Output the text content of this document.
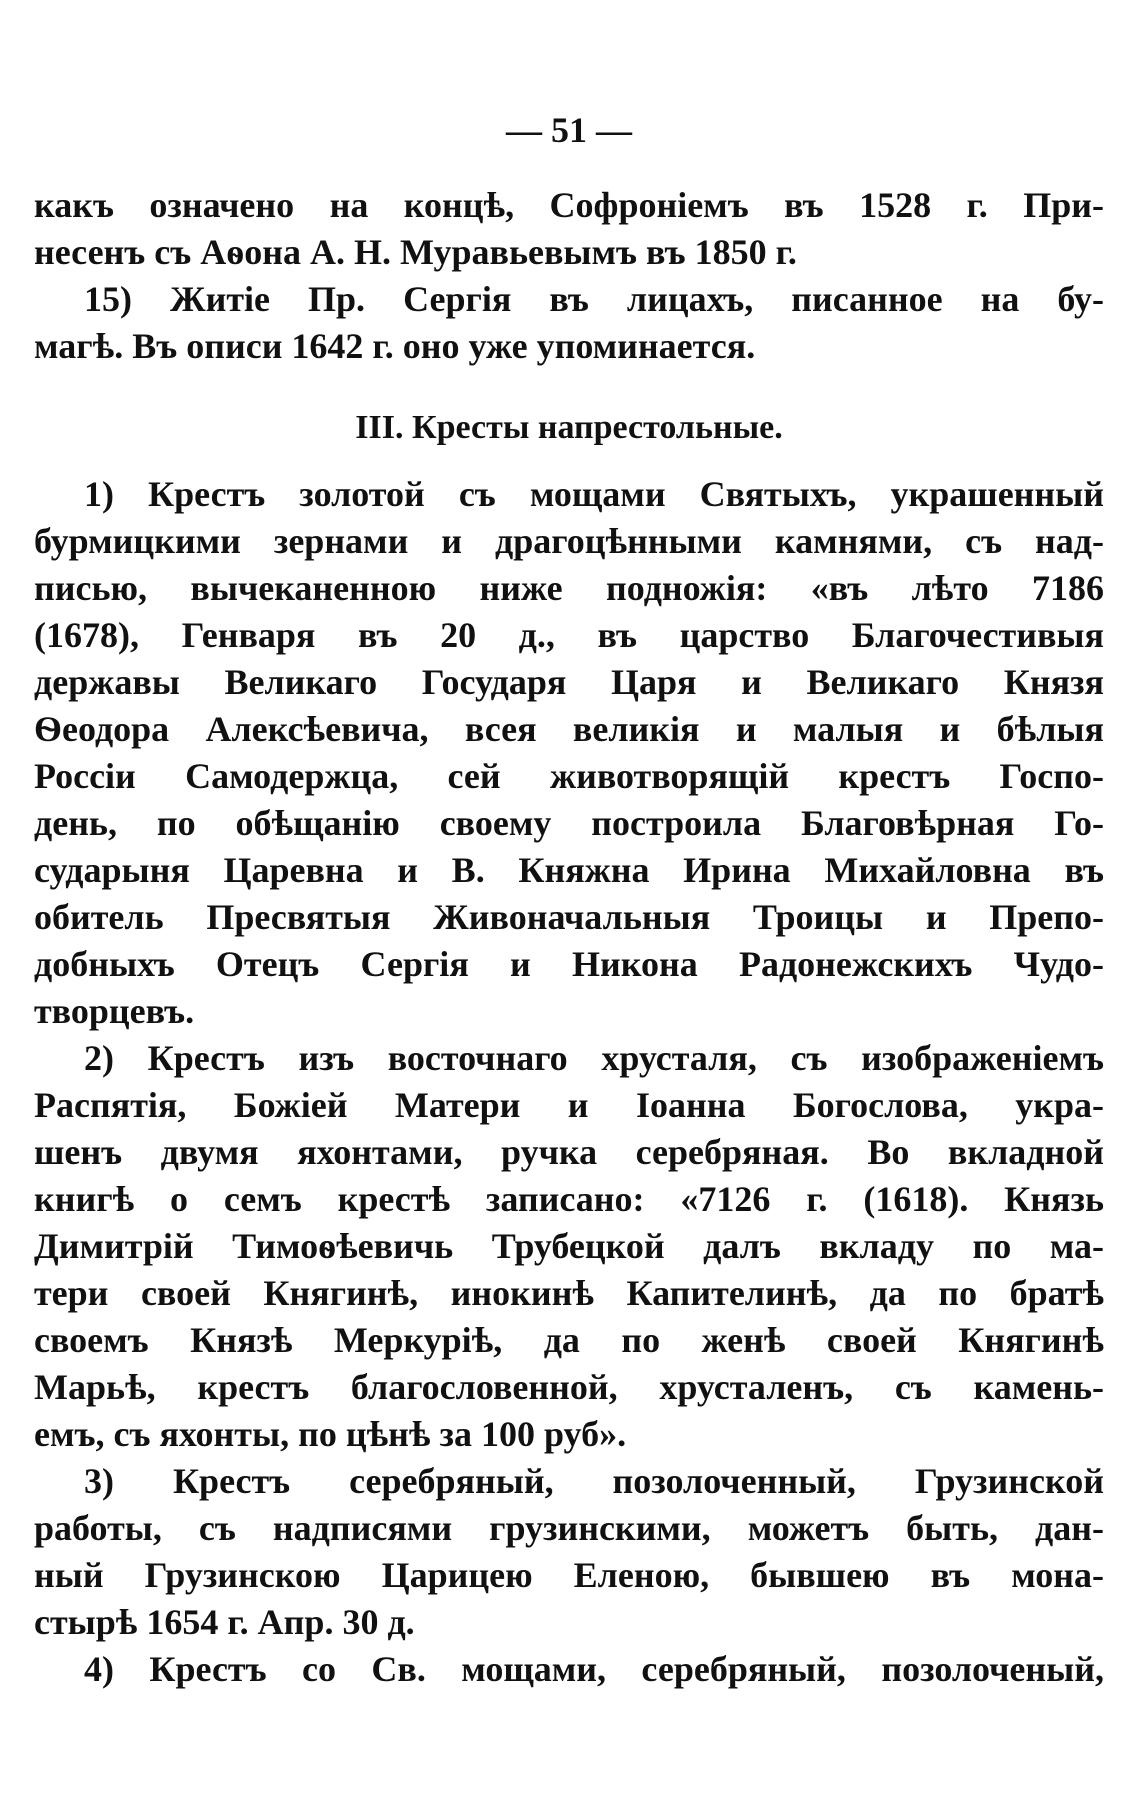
— 51 —

какъ означено на концѣ, Софроніемъ въ 1528 г. При-
несенъ съ Аѳона А. Н. Муравьевымъ въ 1850 г.

15) Житіе Пр. Сергія въ лицахъ, писанное на бу-
магѣ. Въ описи 1642 г. оно уже упоминается.

III. Кресты напрестольные.

1) Крестъ золотой съ мощами Святыхъ, украшенный
бурмицкими зернами и драгоцѣнными камнями, съ над-
писью, вычеканенною ниже подножія: «въ лѣто 7186
(1678), Генваря въ 20 д., въ царство Благочестивыя
державы Великаго Государя Царя и Великаго Князя
Ѳеодора Алексѣевича, всея великія и малыя и бѣлыя
Россіи Самодержца, сей животворящій крестъ Госпо-
день, по обѣщанію своему построила Благовѣрная Го-
сударыня Царевна и В. Княжна Ирина Михайловна въ
обитель Пресвятыя Живоначальныя Троицы и Препо-
добныхъ Отецъ Сергія и Никона Радонежскихъ Чудо-
творцевъ.

2) Крестъ изъ восточнаго хрусталя, съ изображеніемъ
Распятія, Божіей Матери и Іоанна Богослова, укра-
шенъ двумя яхонтами, ручка серебряная. Во вкладной
книгѣ о семъ крестѣ записано: «7126 г. (1618). Князь
Димитрій Тимоѳѣевичь Трубецкой далъ вкладу по ма-
тери своей Княгинѣ, инокинѣ Капителинѣ, да по братѣ
своемъ Князѣ Меркуріѣ, да по женѣ своей Княгинѣ
Марьѣ, крестъ благословенной, хрусталенъ, съ камень-
емъ, съ яхонты, по цѣнѣ за 100 руб».

3) Крестъ серебряный, позолоченный, Грузинской
работы, съ надписями грузинскими, можетъ быть, дан-
ный Грузинскою Царицею Еленою, бывшею въ мона-
стырѣ 1654 г. Апр. 30 д.

4) Крестъ со Св. мощами, серебряный, позолоченый,
